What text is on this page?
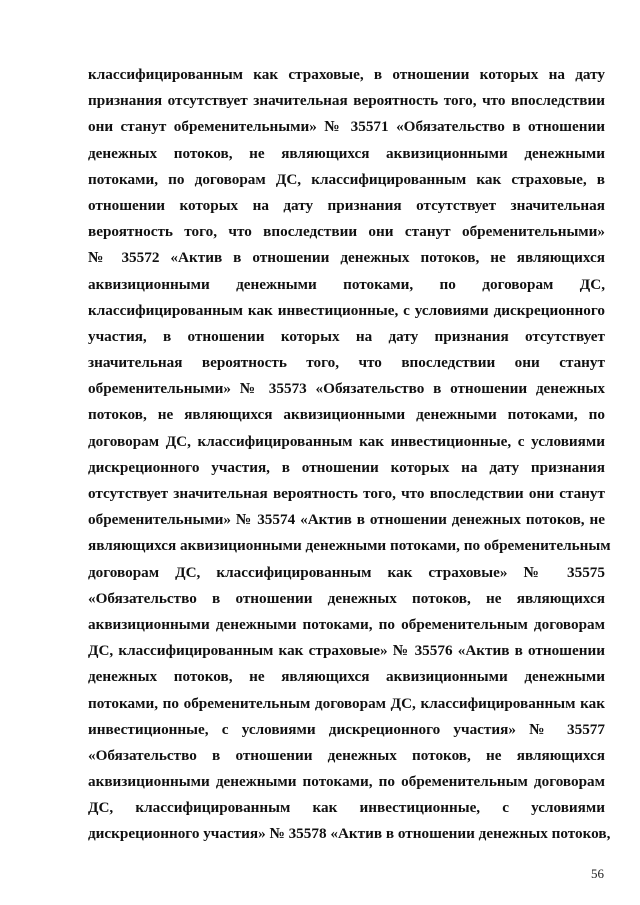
классифицированным как страховые, в отношении которых на дату
признания отсутствует значительная вероятность того, что впоследствии
они станут обременительными» № 35571 «Обязательство в отношении
денежных потоков, не являющихся аквизиционными денежными
потоками, по договорам ДС, классифицированным как страховые, в
отношении которых на дату признания отсутствует значительная
вероятность того, что впоследствии они станут обременительными»
№ 35572 «Актив в отношении денежных потоков, не являющихся
аквизиционными денежными потоками, по договорам ДС,
классифицированным как инвестиционные, с условиями дискреционного
участия, в отношении которых на дату признания отсутствует
значительная вероятность того, что впоследствии они станут
обременительными» № 35573 «Обязательство в отношении денежных
потоков, не являющихся аквизиционными денежными потоками, по
договорам ДС, классифицированным как инвестиционные, с условиями
дискреционного участия, в отношении которых на дату признания
отсутствует значительная вероятность того, что впоследствии они станут
обременительными» № 35574 «Актив в отношении денежных потоков, не
являющихся аквизиционными денежными потоками, по обременительным
договорам ДС, классифицированным как страховые» № 35575
«Обязательство в отношении денежных потоков, не являющихся
аквизиционными денежными потоками, по обременительным договорам
ДС, классифицированным как страховые» № 35576 «Актив в отношении
денежных потоков, не являющихся аквизиционными денежными
потоками, по обременительным договорам ДС, классифицированным как
инвестиционные, с условиями дискреционного участия» № 35577
«Обязательство в отношении денежных потоков, не являющихся
аквизиционными денежными потоками, по обременительным договорам
ДС, классифицированным как инвестиционные, с условиями
дискреционного участия» № 35578 «Актив в отношении денежных потоков,

56
